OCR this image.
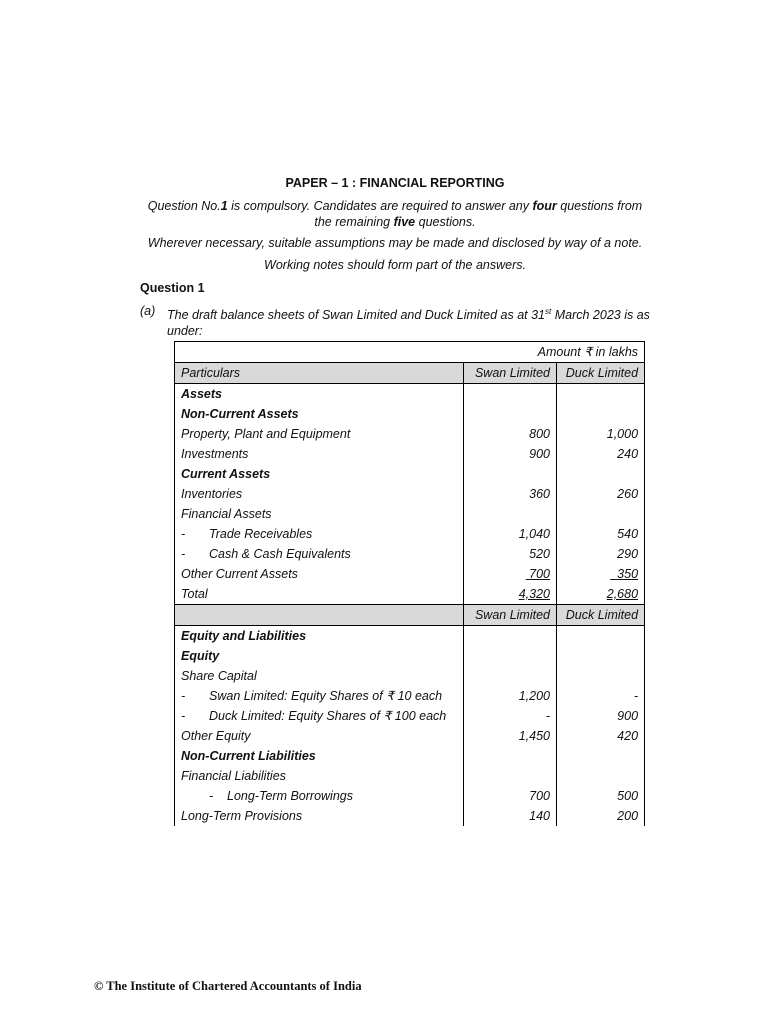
PAPER – 1 : FINANCIAL REPORTING
Question No.1 is compulsory. Candidates are required to answer any four questions from
the remaining five questions.
Wherever necessary, suitable assumptions may be made and disclosed by way of a note.
Working notes should form part of the answers.
Question 1
(a) The draft balance sheets of Swan Limited and Duck Limited as at 31st March 2023 is as under:
Amount ₹ in lakhs		
Particulars	Swan Limited	Duck Limited
Assets		
Non-Current Assets		
Property, Plant and Equipment	800	1,000
Investments	900	240
Current Assets		
Inventories	360	260
Financial Assets		
- Trade Receivables	1,040	540
- Cash & Cash Equivalents	520	290
Other Current Assets	700	350
Total	4,320	2,680
	Swan Limited	Duck Limited
Equity and Liabilities		
Equity		
Share Capital		
- Swan Limited: Equity Shares of ₹ 10 each	1,200	-
- Duck Limited: Equity Shares of ₹ 100 each	-	900
Other Equity	1,450	420
Non-Current Liabilities		
Financial Liabilities		
- Long-Term Borrowings	700	500
Long-Term Provisions	140	200
© The Institute of Chartered Accountants of India
